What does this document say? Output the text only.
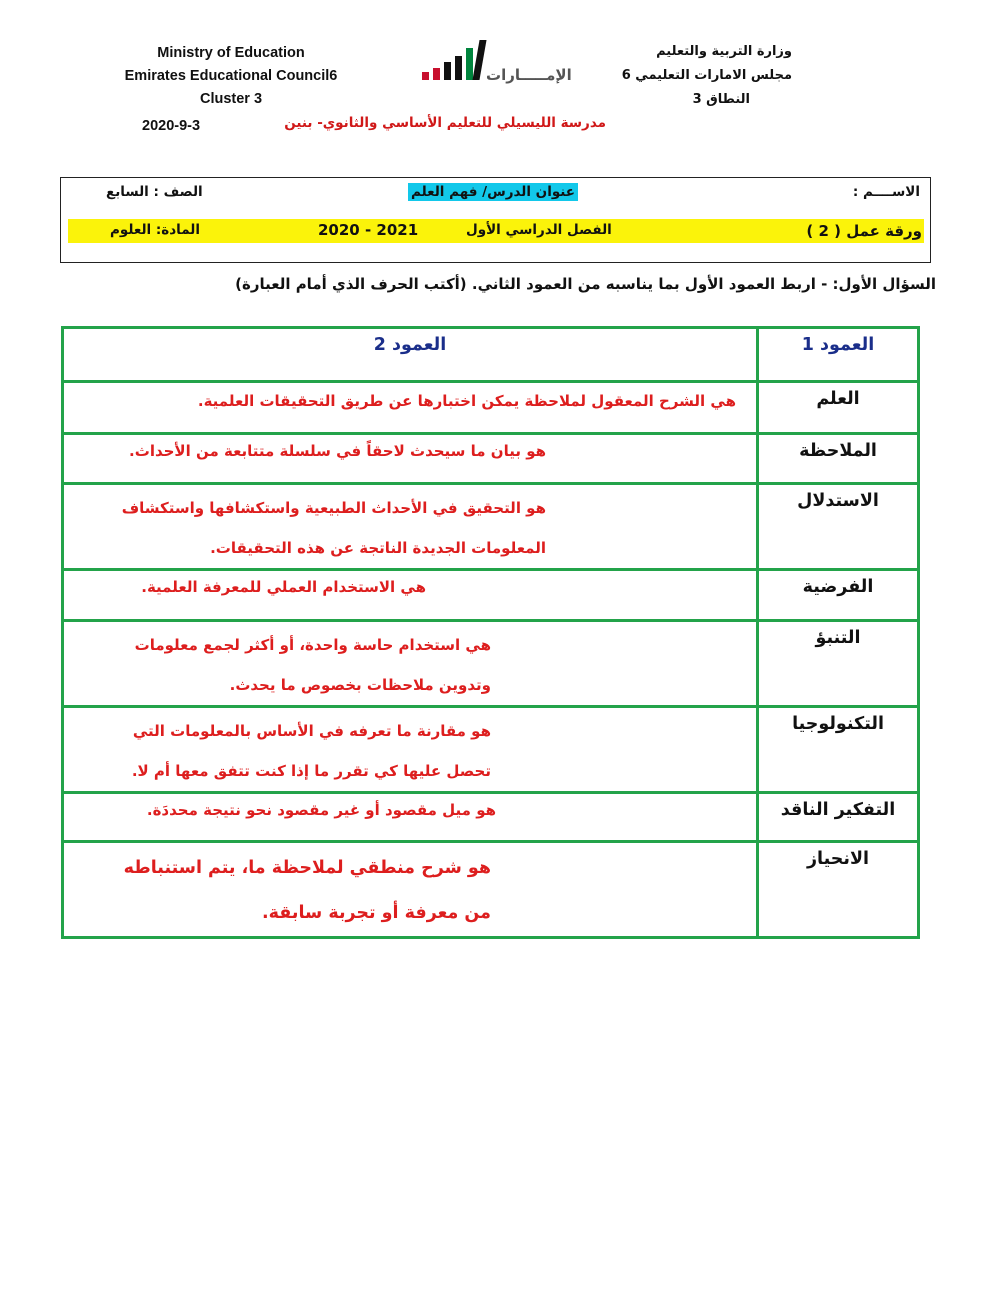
Ministry of Education
Emirates Educational Council6
Cluster 3
2020-9-3
وزارة التربية والتعليم
مجلس الامارات التعليمي 6
النطاق 3
الإمـــــارات
مدرسة الليسيلي للتعليم الأساسي والثانوي- بنين
الاســــم :
عنوان الدرس/ فهم العلم
الصف : السابع
ورقة عمل ( 2 )
الفصل الدراسي الأول
2021 - 2020
المادة: العلوم
السؤال الأول: - اربط العمود الأول بما يناسبه من العمود الثاني. (أكتب الحرف الذي أمام العبارة)
العمود 2	العمود 1

هي الشرح المعقول لملاحظة يمكن اختبارها عن طريق التحقيقات العلمية.	العلم

هو بيان ما سيحدث لاحقاً في سلسلة متتابعة من الأحداث.	الملاحظة

هو التحقيق في الأحداث الطبيعية واستكشافها واستكشاف
المعلومات الجديدة الناتجة عن هذه التحقيقات.	الاستدلال

هي الاستخدام العملي للمعرفة العلمية.	الفرضية

هي استخدام حاسة واحدة، أو أكثر لجمع معلومات
وتدوين ملاحظات بخصوص ما يحدث.	التنبؤ

هو مقارنة ما تعرفه في الأساس بالمعلومات التي
تحصل عليها كي تقرر ما إذا كنت تتفق معها أم لا.	التكنولوجيا

هو ميل مقصود أو غير مقصود نحو نتيجة محددَة.	التفكير الناقد

هو شرح منطقي لملاحظة ما، يتم استنباطه
من معرفة أو تجربة سابقة.	الانحياز
